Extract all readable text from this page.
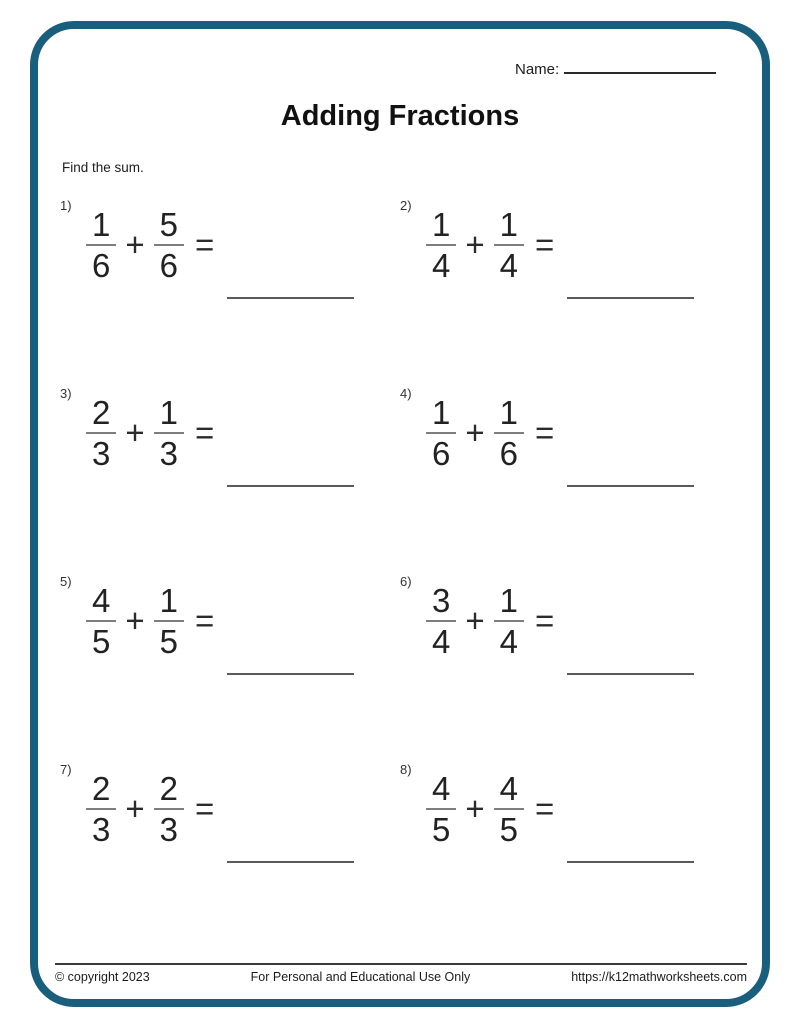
Name:
Adding Fractions
Find the sum.
1)
$\frac{1}{6} + \frac{5}{6}$ =
2)
$\frac{1}{4} + \frac{1}{4}$ =
3)
$\frac{2}{3} + \frac{1}{3}$ =
4)
$\frac{1}{6} + \frac{1}{6}$ =
5)
$\frac{4}{5} + \frac{1}{5}$ =
6)
$\frac{3}{4} + \frac{1}{4}$ =
7)
$\frac{2}{3} + \frac{2}{3}$ =
8)
$\frac{4}{5} + \frac{4}{5}$ =
© copyright 2023	For Personal and Educational Use Only	https://k12mathworksheets.com
